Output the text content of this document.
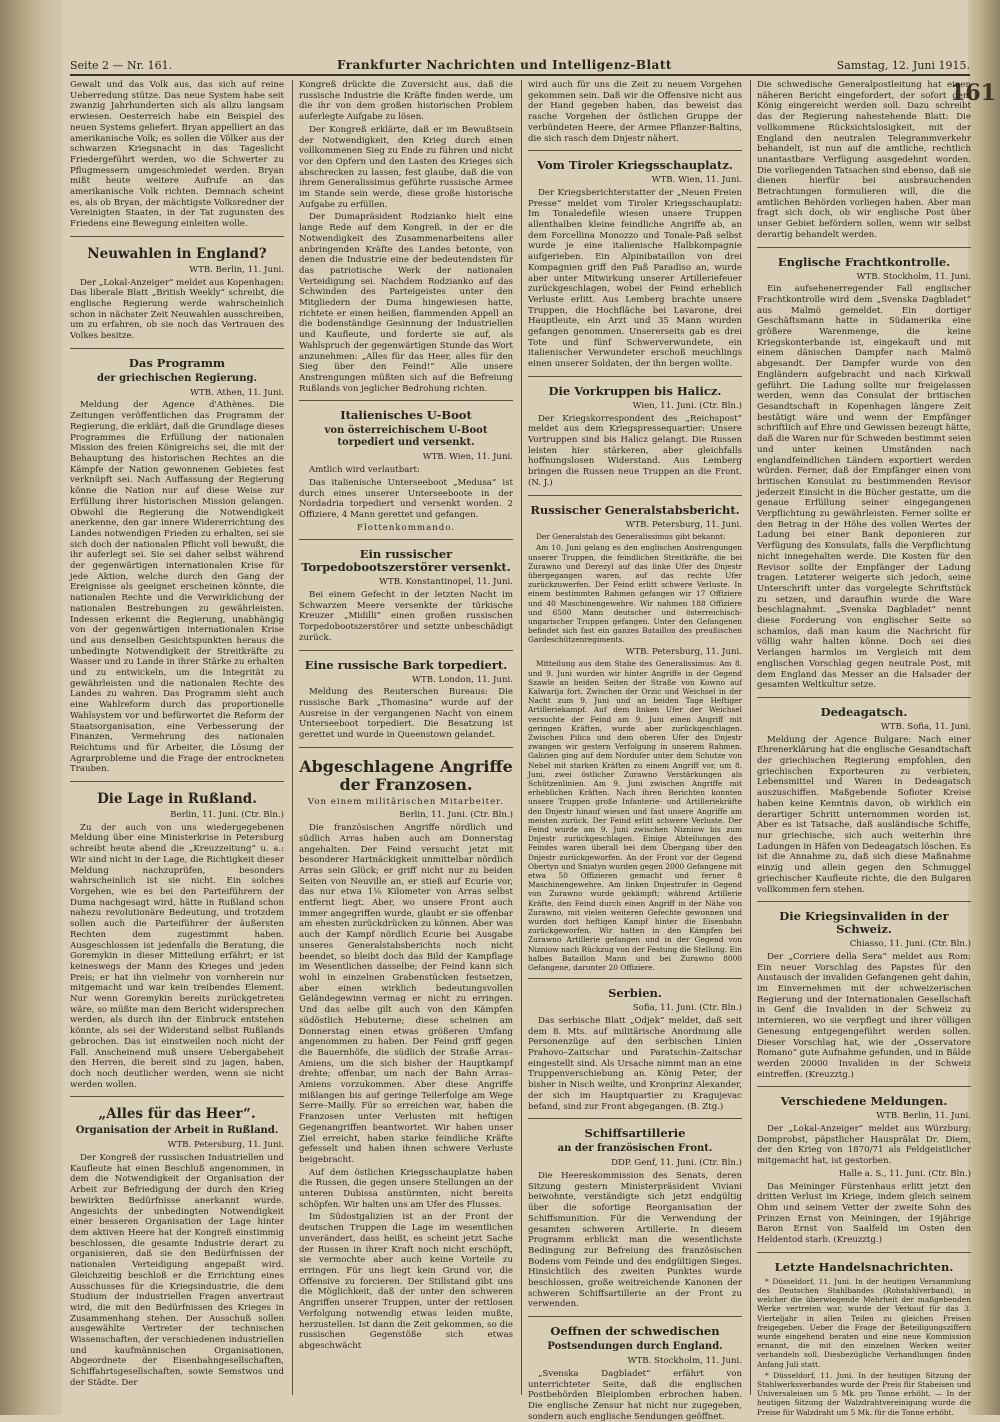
161
Seite 2 — Nr. 161.	Frankfurter Nachrichten und Intelligenz-Blatt	Samstag, 12. Juni 1915.

Gewalt und das Volk aus, das sich auf reine Ueberredung stütze. Das neue System habe seit zwanzig Jahrhunderten sich als allzu langsam erwiesen. Oesterreich habe ein Beispiel des neuen Systems geliefert. Bryan appelliert an das amerikanische Volk; es sollen die Völker aus der schwarzen Kriegsnacht in das Tageslicht Friedergeführt werden, wo die Schwerter zu Pflugmessern umgeschmiedet werden. Bryan mißt heute weitere Aufrufe an das amerikanische Volk richten. Demnach scheint es, als ob Bryan, der mächtigste Volksredner der Vereinigten Staaten, in der Tat zugunsten des Friedens eine Bewegung einleiten wolle.

Neuwahlen in England?
WTB. Berlin, 11. Juni.

Der „Lokal-Anzeiger“ meldet aus Kopenhagen: Das liberale Blatt „British Weekly“ schreibt, die englische Regierung werde wahrscheinlich schon in nächster Zeit Neuwahlen ausschreiben, um zu erfahren, ob sie noch das Vertrauen des Volkes besitze.

Das Programm
der griechischen Regierung.
WTB. Athen, 11. Juni.

Meldung der Agence d'Athènes. Die Zeitungen veröffentlichen das Programm der Regierung, die erklärt, daß die Grundlage dieses Programmes die Erfüllung der nationalen Mission des freien Königreichs sei, die mit der Behauptung des historischen Rechtes an die Kämpfe der Nation gewonnenen Gebietes fest verknüpft sei. Nach Auffassung der Regierung könne die Nation nur auf diese Weise zur Erfüllung ihrer historischen Mission gelangen. Obwohl die Regierung die Notwendigkeit anerkenne, den gar innere Widererrichtung des Landes notwendigen Frieden zu erhalten, sei sie sich doch der nationalen Pflicht voll bewußt, die ihr auferlegt sei. Sie sei daher selbst während der gegenwärtigen internationalen Krise für jede Aktion, welche durch den Gang der Ereignisse als geeignet erscheinen könnte, die nationalen Rechte und die Verwirklichung der nationalen Bestrebungen zu gewährleisten. Indessen erkennt die Regierung, unabhängig von der gegenwärtigen internationalen Krise und aus denselben Gesichtspunkten heraus die unbedingte Notwendigkeit der Streitkräfte zu Wasser und zu Lande in ihrer Stärke zu erhalten und zu entwickeln, um die Integrität zu gewährleisten und die nationalen Rechte des Landes zu wahren. Das Programm sieht auch eine Wahlreform durch das proportionelle Wahlsystem vor und befürwortet die Reform der Staatsorganisation, eine Verbesserung der Finanzen, Vermehrung des nationalen Reichtums und für Arbeiter, die Lösung der Agrarprobleme und die Frage der entrockneten Trauben.

Die Lage in Rußland.
Berlin, 11. Juni. (Ctr. Bln.)

Zu der auch von uns wiedergegebenen Meldung über eine Ministerkrise in Petersburg schreibt heute abend die „Kreuzzeitung“ u. a.: Wir sind nicht in der Lage, die Richtigkeit dieser Meldung nachzuprüfen, besonders wahrscheinlich ist sie nicht. Ein solches Vorgehen, wie es bei den Parteiführern der Duma nachgesagt wird, hätte in Rußland schon nahezu revolutionäre Bedeutung, und trotzdem sollen auch die Parteiführer der äußersten Rechten dem zugestimmt haben. Ausgeschlossen ist jedenfalls die Beratung, die Goremykin in dieser Mitteilung erfährt; er ist keineswegs der Mann des Krieges und jeden Preis; er hat ihn vielmehr von vornherein nur mitgemacht und war kein treibendes Element. Nur wenn Goremykin bereits zurückgetreten wäre, so müßte man dem Bericht widersprechen werden, als durch ihn der Einbruck entstehen könnte, als sei der Widerstand selbst Rußlands gebrochen. Das ist einstweilen noch nicht der Fall. Anscheinend muß unsere Uebergabeheit den Herren, die bereit sind zu jagen, haben, doch noch deutlicher werden, wenn sie nicht werden wollen.

„Alles für das Heer“.
Organisation der Arbeit in Rußland.
WTB. Petersburg, 11. Juni.

Der Kongreß der russischen Industriellen und Kaufleute hat einen Beschluß angenommen, in dem die Notwendigkeit der Organisation der Arbeit zur Befriedigung der durch den Krieg bewirkten Bedürfnisse anerkannt wurde. Angesichts der unbedingten Notwendigkeit einer besseren Organisation der Lage hinter dem aktiven Heere hat der Kongreß einstimmig beschlossen, die gesamte Industrie derart zu organisieren, daß sie den Bedürfnissen der nationalen Verteidigung angepaßt wird. Gleichzeitig beschloß er die Errichtung eines Ausschusses für die Kriegsindustrie, die dem Studium der industriellen Fragen anvertraut wird, die mit den Bedürfnissen des Krieges in Zusammenhang stehen. Der Ausschuß sollen ausgewählte Vertreter der technischen Wissenschaften, der verschiedenen industriellen und kaufmännischen Organisationen, Abgeordnete der Eisenbahngesellschaften, Schiffahrtsgesellschaften, sowie Semstwos und der Städte. Der

Kongreß drückte die Zuversicht aus, daß die russische Industrie die Kräfte finden werde, um die ihr von dem großen historischen Problem auferlegte Aufgabe zu lösen.

Der Kongreß erklärte, daß er im Bewußtsein der Notwendigkeit, den Krieg durch einen vollkommenen Sieg zu Ende zu führen und nicht vor den Opfern und den Lasten des Krieges sich abschrecken zu lassen, fest glaube, daß die von ihrem Generalissimus geführte russische Armee im Stande sein werde, diese große historische Aufgabe zu erfüllen.

Der Dumapräsident Rodzianko hielt eine lange Rede auf dem Kongreß, in der er die Notwendigkeit des Zusammenarbeitens aller anbringenden Kräfte des Landes betonte, von denen die Industrie eine der bedeutendsten für das patriotische Werk der nationalen Verteidigung sei. Nachdem Rodzianko auf das Schwinden des Parteigeistes unter den Mitgliedern der Duma hingewiesen hatte, richtete er einen heißen, flammenden Appell an die bodenständige Gesinnung der Industriellen und Kaufleute, und forderte sie auf, als Wahlspruch der gegenwärtigen Stunde das Wort anzunehmen: „Alles für das Heer, alles für den Sieg über den Feind!“ Alle unsere Anstrengungen müßten sich auf die Befreiung Rußlands von jeglicher Bedrohung richten.

Italienisches U-Boot
von österreichischem U-Boot torpediert und versenkt.
WTB. Wien, 11. Juni.

Amtlich wird verlautbart:

Das italienische Unterseeboot „Medusa“ ist durch eines unserer Unterseeboote in der Nordadria torpediert und versenkt worden. 2 Offiziere, 4 Mann gerettet und gefangen.

Flottenkommando.
Ein russischer Torpedobootszerstörer versenkt.
WTB. Konstantinopel, 11. Juni.

Bei einem Gefecht in der letzten Nacht im Schwarzen Meere versenkte der türkische Kreuzer „Midilli“ einen großen russischen Torpedobootszerstörer und setzte unbeschädigt zurück.

Eine russische Bark torpediert.
WTB. London, 11. Juni.

Meldung des Reuterschen Bureaus: Die russische Bark „Thomasina“ wurde auf der Ausreise in der vergangenen Nacht von einem Unterseeboot torpediert. Die Besatzung ist gerettet und wurde in Queenstown gelandet.

Abgeschlagene Angriffe der Franzosen.
Von einem militärischen Mitarbeiter.
Berlin, 11. Juni. (Ctr. Bln.)

Die französischen Angriffe nördlich und südlich Arras haben auch am Donnerstag angehalten. Der Feind versucht jetzt mit besonderer Hartnäckigkeit unmittelbar nördlich Arras sein Glück; er griff nicht nur zu beiden Seiten von Neuville an, er stieß auf Ecurie vor, das nur etwa 1⅛ Kilometer von Arras selbst entfernt liegt. Aber, wo unsere Front auch immer angegriffen wurde, glaubt er sie offenbar am ehesten zurückdrücken zu können. Aber was auch der Kampf nördlich Ecurie bei Ausgabe unseres Generalstabsberichts noch nicht beendet, so bleibt doch das Bild der Kampflage im Wesentlichen dasselbe; der Feind kann sich wohl in einzelnen Grabenstücken festsetzen, aber einen wirklich bedeutungsvollen Geländegewinn vermag er nicht zu erringen. Und das selbe gilt auch von den Kämpfen südöstlich Hebuterne; diese scheinen am Donnerstag einen etwas größeren Umfang angenommen zu haben. Der Feind griff gegen die Bauernhöfe, die südlich der Straße Arras–Amiens, um die sich bisher der Hauptkampf drehte; offenbar, um nach der Bahn Arras–Amiens vorzukommen. Aber diese Angriffe mißlangen bis auf geringe Teilerfolge am Wege Serre–Mailly. Für so erreichen war, haben die Franzosen unter Verlusten mit heftigen Gegenangriffen beantwortet. Wir haben unser Ziel erreicht, haben starke feindliche Kräfte gefesselt und haben ihnen schwere Verluste beigebracht.

Auf dem östlichen Kriegsschauplatze haben die Russen, die gegen unsere Stellungen an der unteren Dubissa anstürmten, nicht bereits schöpfen. Wir halten uns am Ufer des Flusses.

Im Südostgalizien ist an der Front der deutschen Truppen die Lage im wesentlichen unverändert, dass heißt, es scheint jetzt Sache der Russen in ihrer Kraft noch nicht erschöpft, sie vermochte aber auch keine Vorteile zu erringen. Für uns liegt kein Grund vor, die Offensive zu forcieren. Der Stillstand gibt uns die Möglichkeit, daß der unter den schweren Angriffen unserer Truppen, unter der rettlosen Verfolgung notwendig etwas leiden mußte, herzustellen. Ist dann die Zeit gekommen, so die russischen Gegenstöße sich etwas abgeschwächt

wird auch für uns die Zeit zu neuem Vorgehen gekommen sein. Daß wir die Offensive nicht aus der Hand gegeben haben, das beweist das rasche Vorgehen der östlichen Gruppe der verbündeten Heere, der Armee Pflanzer-Baltins, die sich rasch dem Dnjestr nähert.

Vom Tiroler Kriegsschauplatz.
WTB. Wien, 11. Juni.

Der Kriegsberichterstatter der „Neuen Freien Presse“ meldet vom Tiroler Kriegsschauplatz: Im Tonaledefile wiesen unsere Truppen allenthalben kleine feindliche Angriffe ab, an dem Forcellina Monozzo und Tonale-Paß selbst wurde je eine italienische Halbkompagnie aufgerieben. Ein Alpinibataillon von drei Kompagnien griff den Paß Paradiso an, wurde aber unter Mitwirkung unserer Artilleriefeuer zurückgeschlagen, wobei der Feind erheblich Verluste erlitt. Aus Lemberg brachte unsere Truppen, die Hochfläche bei Lavarone, drei Hauptleute, ein Arzt und 35 Mann wurden gefangen genommen. Unsererseits gab es drei Tote und fünf Schwerverwundete, ein italienischer Verwundeter erschoß meuchlings einen unserer Soldaten, der ihn bergen wollte.

Die Vorkruppen bis Halicz.
Wien, 11. Juni. (Ctr. Bln.)

Der Kriegskorrespondent des „Reichspost“ meldet aus dem Kriegspressequartier: Unsere Vortruppen sind bis Halicz gelangt. Die Russen leisten hier stärkeren, aber gleichfalls hoffnungslosen Widerstand. Aus Lemberg bringen die Russen neue Truppen an die Front. (N. J.)

Russischer Generalstabsbericht.
WTB. Petersburg, 11. Juni.

Der Generalstab des Generalissimus gibt bekannt:

Am 10. Juni gelang es den englischen Anstrengungen unserer Truppen, die feindlichen Streitkräfte, die bei Zurawno und Derezyl auf das linke Ufer des Dnjestr übergegangen waren, auf das rechte Ufer zurückzuwerfen. Der Feind erlitt schwere Verluste. In einem bestimmten Rahmen gefangen wir 17 Offiziere und 40 Maschinengewehre. Wir nahmen 188 Offiziere und 6500 Mann deutscher und österreichisch-ungarischer Truppen gefangen. Unter den Gefangenen befindet sich fast ein ganzes Bataillon des preußischen Gardeschützenregiments.

WTB. Petersburg, 11. Juni.

Mitteilung aus dem Stabe des Generalissimus: Am 8. und 9. Juni wurden wir hinter Angriffe in der Gegend Szawle an beiden Seiten der Straße von Kowno auf Kalwarija fort. Zwischen der Orzic und Weichsel in der Nacht zum 9. Juni und an beiden Tage Heftiger Artilleriekampf. Auf dem linken Ufer der Weichsel versuchte der Feind am 9. Juni einen Angriff mit geringen Kräften, wurde aber zurückgeschlagen. Zwischen Pilica und dem oberen Ufer des Dnjestr zwangen wir gestern Verfolgung in unserem Rahmen. Galizien ging auf dem Nordufer unter dem Schutze von Nebel mit starken Kräften zu einem Angriff vor, um 8. Juni, zwei östlicher Zurawno Verstärkungen als Schützenlinien. Am 9. Juni zwischen Angriffe mit erheblichen Kräften. Nach ihren Berichten konnten unsere Truppen große Infanterie- und Artilleriekräfte den Dnjestr hinauf wiesen und fast unsere Angriffe am meisten zurück. Der Feind erlitt schwere Verluste. Der Feind wurde am 9. Juni zwischen Nizniow bis zum Dnjestr zurückgeschlagen. Einige Abteilungen des Feindes waren überall bei dem Übergang über den Dnjestr zurückgeworfen. An der Front vor der Gegend Obertyn und Sniatyn wurden gegen 2000 Gefangene mit etwa 50 Offizieren gemacht und ferner 8 Maschinengewehre. Am linken Dnjestrufer in Gegend von Zurawno wurde gekämpft; während Artillerie Kräfte, den Feind durch einen Angriff in der Nähe von Zurawno, mit vielen weiteren Gefechte gewonnen und wurden dort heftigen Kampf hinter die Eisenbahn zurückgeworfen. Wir hatten in den Kämpfen bei Zurawno Artillerie gefangen und in der Gegend von Nizniow nach Rückzug von der Festung die Stellung. Ein halbes Bataillon Mann und bei Zurawno 8000 Gefangene, darunter 20 Offiziere.

Serbien.
Sofia, 11. Juni. (Ctr. Bln.)

Das serbische Blatt „Odjek“ meldet, daß seit dem 8. Mts. auf militärische Anordnung alle Personenzüge auf den serbischen Linien Prahovo–Zaitschar und Paratschin–Zaitschar eingestellt sind. Als Ursache nimmt man an eine Truppenverschiebung an. König Peter, der bisher in Nisch weilte, und Kronprinz Alexander, der sich im Hauptquartier zu Kragujevac befand, sind zur Front abgegangen. (B. Ztg.)

Schiffsartillerie
an der französischen Front.
DDP. Genf, 11. Juni. (Ctr. Bln.)

Die Heereskommission des Senats, deren Sitzung gestern Ministerpräsident Viviani beiwohnte, verständigte sich jetzt endgültig über die sofortige Reorganisation der Schiffsmunition. Für die Verwendung der gesamten schweren Artillerie. In diesem Programm erblickt man die wesentlichste Bedingung zur Befreiung des französischen Bodens vom Feinde und des endgültigen Sieges. Hinsichtlich des zweiten Punktes wurde beschlossen, große weitreichende Kanonen der schweren Schiffsartillerie an der Front zu verwenden.

Oeffnen der schwedischen
Postsendungen durch England.
WTB. Stockholm, 11. Juni.

„Svenska Dagbladet“ erfährt von unterrichteter Seite, daß die englischen Postbehörden Bleiplomben erbrochen haben. Die englische Zensur hat nicht nur zugegeben, sondern auch englische Sendungen geöffnet.

Die schwedische Generalpostleitung hat einen näheren Bericht eingefordert, der sofort dem König eingereicht werden soll. Dazu schreibt das der Regierung nahestehende Blatt: Die vollkommene Rücksichtslosigkeit, mit der England den neutralen Telegrammverkehr behandelt, ist nun auf die amtliche, rechtlich unantastbare Verfügung ausgedehnt worden. Die vorliegenden Tatsachen sind ebenso, daß sie dienen hierfür bei ausbrauchenden Betrachtungen formulieren will, die die amtlichen Behörden vorliegen haben. Aber man fragt sich doch, ob wir englische Post über unser Gebiet befördern sollen, wenn wir selbst derartig behandelt werden.

Englische Frachtkontrolle.
WTB. Stockholm, 11. Juni.

Ein aufsehenerregender Fall englischer Frachtkontrolle wird dem „Svenska Dagbladet“ aus Malmö gemeldet. Ein dortiger Geschäftsmann hatte in Südamerika eine größere Warenmenge, die keine Kriegskonterbande ist, eingekauft und mit einem dänischen Dampfer nach Malmö abgesandt. Der Dampfer wurde von den Engländern aufgebracht und nach Kirkwall geführt. Die Ladung sollte nur freigelassen werden, wenn das Consulat der britischen Gesandtschaft in Kopenhagen längere Zeit bestätigt wäre und wenn der Empfänger schriftlich auf Ehre und Gewissen bezeugt hätte, daß die Waren nur für Schweden bestimmt seien und unter keinen Umständen nach englandfeindlichen Ländern exportiert werden würden. Ferner, daß der Empfänger einen vom britischen Konsulat zu bestimmenden Revisor jederzeit Einsicht in die Bücher gestatte, um die genaue Erfüllung seiner eingegangenen Verpflichtung zu gewährleisten. Ferner sollte er den Betrag in der Höhe des vollen Wertes der Ladung bei einer Bank deponieren zur Verfügung des Konsulats, falls die Verpflichtung nicht innegehalten werde. Die Kosten für den Revisor sollte der Empfänger der Ladung tragen. Letzterer weigerte sich jedoch, seine Unterschrift unter das vorgelegte Schriftstück zu setzen, und daraufhin wurde die Ware beschlagnahmt. „Svenska Dagbladet“ nennt diese Forderung von englischer Seite so schamlos, daß man kaum die Nachricht für völlig wahr halten könne. Doch sei dies Verlangen harmlos im Vergleich mit dem englischen Vorschlag gegen neutrale Post, mit dem England das Messer an die Halsader der gesamten Weltkultur setze.

Dedeagatsch.
WTB. Sofia, 11. Juni.

Meldung der Agence Bulgare: Nach einer Ehrenerklärung hat die englische Gesandtschaft der griechischen Regierung empfohlen, den griechischen Exporteuren zu verbieten, Lebensmittel und Waren in Dedeagatsch auszuschiffen. Maßgebende Sofioter Kreise haben keine Kenntnis davon, ob wirklich ein derartiger Schritt unternommen worden ist. Aber es ist Tatsache, daß ausländische Schiffe, nur griechische, sich auch weiterhin ihre Ladungen in Häfen von Dedeagatsch löschen. Es ist die Annahme zu, daß sich diese Maßnahme einzig und allein gegen den Schmuggel griechischer Kaufleute richte, die den Bulgaren vollkommen fern stehen.

Die Kriegsinvaliden in der Schweiz.
Chiasso, 11. Juni. (Ctr. Bln.)

Der „Corriere della Sera“ meldet aus Rom: Ein neuer Vorschlag des Papstes für den Austausch der invaliden Gefangenen geht dahin, im Einvernehmen mit der schweizerischen Regierung und der Internationalen Gesellschaft in Genf die Invaliden in der Schweiz zu internieren, wo sie verpflegt und ihrer völligen Genesung entgegengeführt werden sollen. Dieser Vorschlag hat, wie der „Osservatore Romano“ gute Aufnahme gefunden, und in Bälde werden 20000 Invaliden in der Schweiz eintreffen. (Kreuzztg.)

Verschiedene Meldungen.
WTB. Berlin, 11. Juni.

Der „Lokal-Anzeiger“ meldet aus Würzburg: Domprobst, päpstlicher Hausprälat Dr. Diem, der den Krieg von 1870/71 als Feldgeistlicher mitgemacht hat, ist gestorben.

Halle a. S., 11. Juni. (Ctr. Bln.)

Das Meininger Fürstenhaus erlitt jetzt den dritten Verlust im Kriege, indem gleich seinem Ohm und seinem Vetter der zweite Sohn des Prinzen Ernst von Meiningen, der 19jährige Baron Ernst von Saalfeld im Osten den Heldentod starb. (Kreuzztg.)

Letzte Handelsnachrichten.

* Düsseldorf, 11. Juni. In der heutigen Versammlung des Deutschen Stahlbandes (Rohstahlverband), in welcher die überwiegende Mehrheit der maßgebenden Werke vertreten war, wurde der Verkauf für das 3. Vierteljahr in allen Teilen zu gleichen Preisen freigegeben. Ueber die Frage der Beteiligungsziffern wurde eingehend beraten und eine neue Kommission ernannt, die mit den einzelnen Werken weiter verhandeln soll. Diesbezügliche Verhandlungen finden Anfang Juli statt.

* Düsseldorf, 11. Juni. In der heutigen Sitzung der Stahlwerksverbandes wurde der Preis für Stabeisen und Universaleisen um 5 Mk. pro Tonne erhöht. — In der heutigen Sitzung der Walzdrahtvereinigung wurde die Preise für Walzdraht um 5 Mk. für die Tonne erhöht.
